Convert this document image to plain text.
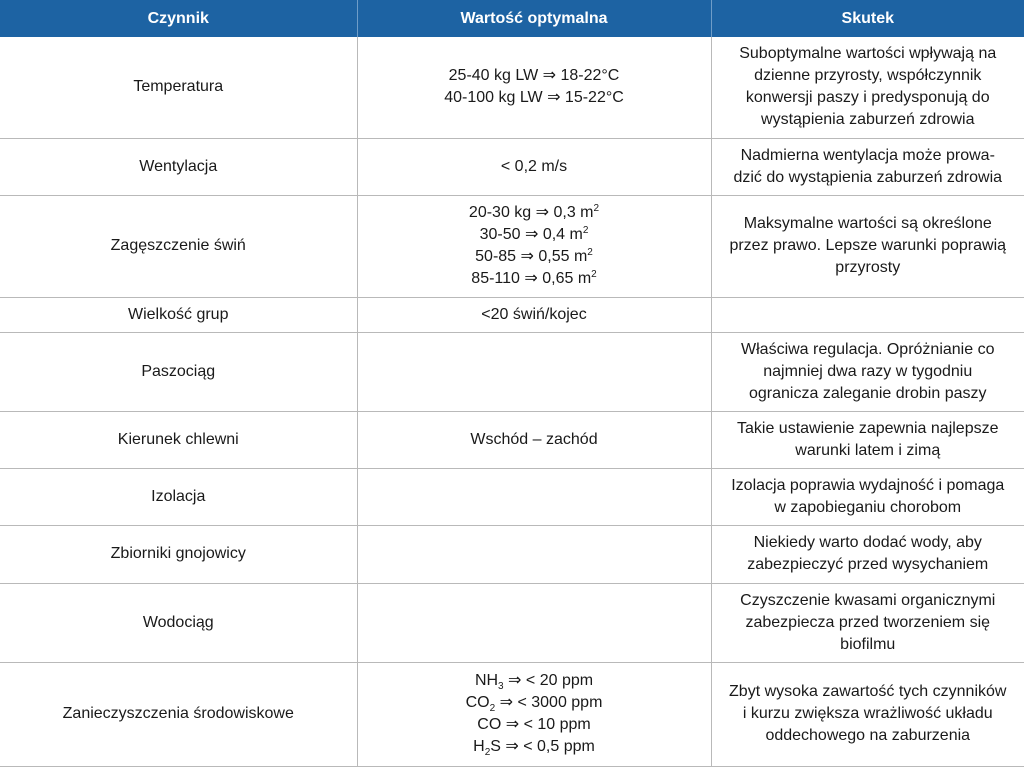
Czynnik	Wartość optymalna	Skutek
Temperatura	25-40 kg LW ⇒ 18-22°C
40-100 kg LW ⇒ 15-22°C	Suboptymalne wartości wpływają na
dzienne przyrosty, współczynnik
konwersji paszy i predysponują do
wystąpienia zaburzeń zdrowia

Wentylacja	< 0,2 m/s	Nadmierna wentylacja może prowa-
dzić do wystąpienia zaburzeń zdrowia

Zagęszczenie świń	20-30 kg ⇒ 0,3 $m^2$
30-50 ⇒ 0,4 $m^2$
50-85 ⇒ 0,55 $m^2$
85-110 ⇒ 0,65 $m^2$	Maksymalne wartości są określone
przez prawo. Lepsze warunki poprawią
przyrosty

Wielkość grup	<20 świń/kojec	

Paszociąg		Właściwa regulacja. Opróżnianie co
najmniej dwa razy w tygodniu
ogranicza zaleganie drobin paszy

Kierunek chlewni	Wschód – zachód	Takie ustawienie zapewnia najlepsze
warunki latem i zimą

Izolacja		Izolacja poprawia wydajność i pomaga
w zapobieganiu chorobom

Zbiorniki gnojowicy		Niekiedy warto dodać wody, aby
zabezpieczyć przed wysychaniem

Wodociąg		Czyszczenie kwasami organicznymi
zabezpiecza przed tworzeniem się
biofilmu

Zanieczyszczenia środowiskowe	$NH_3$ ⇒ < 20 ppm
$CO_2$ ⇒ < 3000 ppm
CO ⇒ < 10 ppm
$H_2S$ ⇒ < 0,5 ppm	Zbyt wysoka zawartość tych czynników
i kurzu zwiększa wrażliwość układu
oddechowego na zaburzenia
